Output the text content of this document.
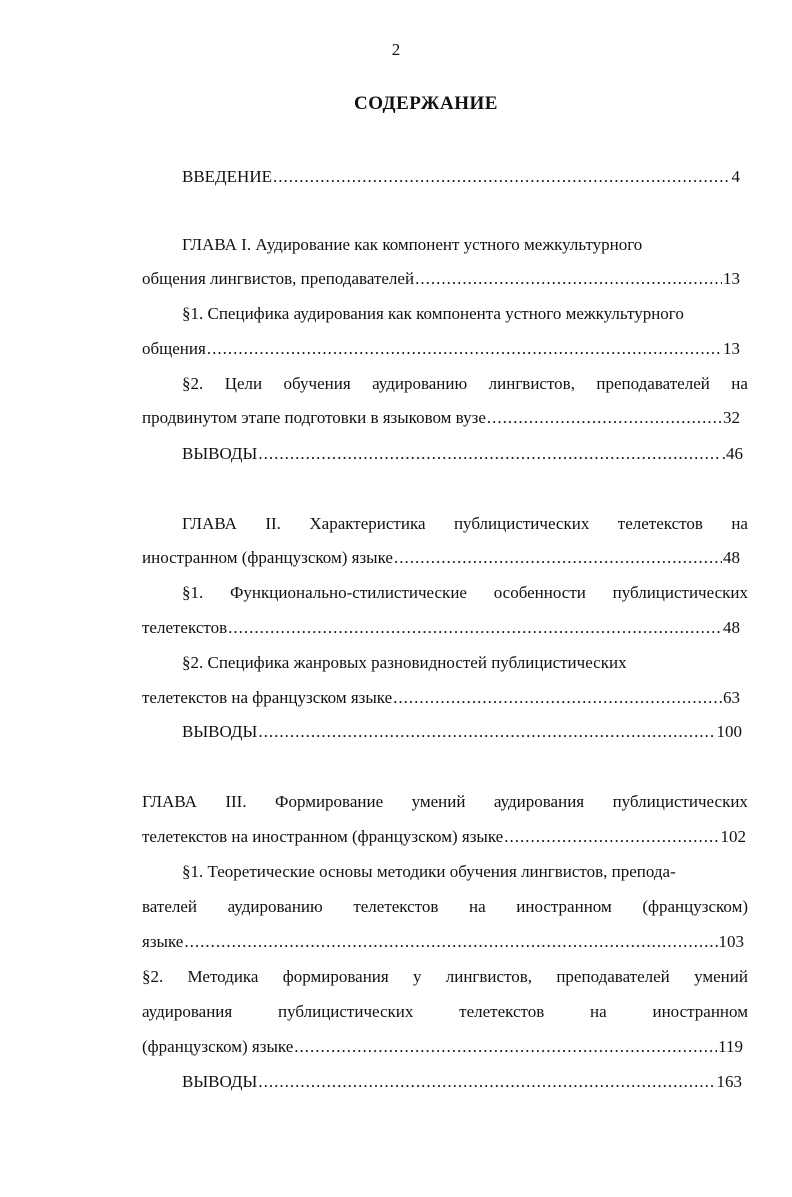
2
СОДЕРЖАНИЕ
ВВЕДЕНИЕ .....	4
ГЛАВА I. Аудирование как компонент устного межкультурного
общения лингвистов, преподавателей .....	13
§1. Специфика аудирования как компонента устного межкультурного
общения .....	13
§2. Цели обучения аудированию лингвистов, преподавателей на
продвинутом этапе подготовки в языковом вузе .....	32
ВЫВОДЫ .....	.46
ГЛАВА II. Характеристика публицистических телетекстов на
иностранном (французском) языке .....	48
§1. Функционально-стилистические особенности публицистических
телетекстов .....	48
§2. Специфика жанровых разновидностей публицистических
телетекстов на французском языке .....	63
ВЫВОДЫ .....	100
ГЛАВА III. Формирование умений аудирования публицистических
телетекстов на иностранном (французском) языке .....	102
§1. Теоретические основы методики обучения лингвистов, препода-
вателей аудированию телетекстов на иностранном (французском)
языке .....	103
§2. Методика формирования у лингвистов, преподавателей умений
аудирования	публицистических	телетекстов	на	иностранном
(французском) языке .....	119
ВЫВОДЫ .....	163
